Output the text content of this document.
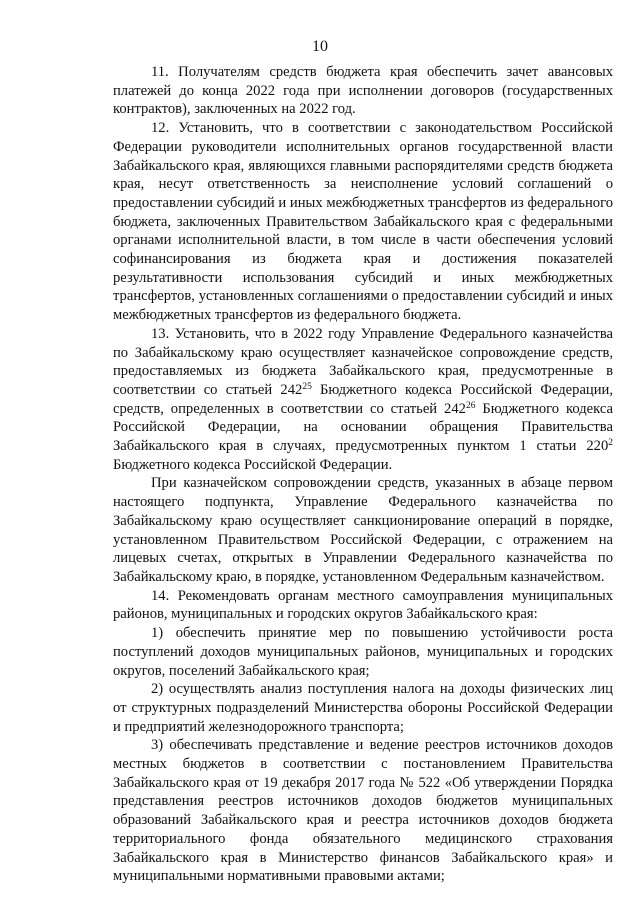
10

11. Получателям средств бюджета края обеспечить зачет авансовых платежей до конца 2022 года при исполнении договоров (государственных контрактов), заключенных на 2022 год.

12. Установить, что в соответствии с законодательством Российской Федерации руководители исполнительных органов государственной власти Забайкальского края, являющихся главными распорядителями средств бюджета края, несут ответственность за неисполнение условий соглашений о предоставлении субсидий и иных межбюджетных трансфертов из федерального бюджета, заключенных Правительством Забайкальского края с федеральными органами исполнительной власти, в том числе в части обеспечения условий софинансирования из бюджета края и достижения показателей результативности использования субсидий и иных межбюджетных трансфертов, установленных соглашениями о предоставлении субсидий и иных межбюджетных трансфертов из федерального бюджета.

13. Установить, что в 2022 году Управление Федерального казначейства по Забайкальскому краю осуществляет казначейское сопровождение средств, предоставляемых из бюджета Забайкальского края, предусмотренные в соответствии со статьей $242^{25}$ Бюджетного кодекса Российской Федерации, средств, определенных в соответствии со статьей $242^{26}$ Бюджетного кодекса Российской Федерации, на основании обращения Правительства Забайкальского края в случаях, предусмотренных пунктом 1 статьи $220^2$ Бюджетного кодекса Российской Федерации.

При казначейском сопровождении средств, указанных в абзаце первом настоящего подпункта, Управление Федерального казначейства по Забайкальскому краю осуществляет санкционирование операций в порядке, установленном Правительством Российской Федерации, с отражением на лицевых счетах, открытых в Управлении Федерального казначейства по Забайкальскому краю, в порядке, установленном Федеральным казначейством.

14. Рекомендовать органам местного самоуправления муниципальных районов, муниципальных и городских округов Забайкальского края:

1) обеспечить принятие мер по повышению устойчивости роста поступлений доходов муниципальных районов, муниципальных и городских округов, поселений Забайкальского края;

2) осуществлять анализ поступления налога на доходы физических лиц от структурных подразделений Министерства обороны Российской Федерации и предприятий железнодорожного транспорта;

3) обеспечивать представление и ведение реестров источников доходов местных бюджетов в соответствии с постановлением Правительства Забайкальского края от 19 декабря 2017 года № 522 «Об утверждении Порядка представления реестров источников доходов бюджетов муниципальных образований Забайкальского края и реестра источников доходов бюджета территориального фонда обязательного медицинского страхования Забайкальского края в Министерство финансов Забайкальского края» и муниципальными нормативными правовыми актами;
